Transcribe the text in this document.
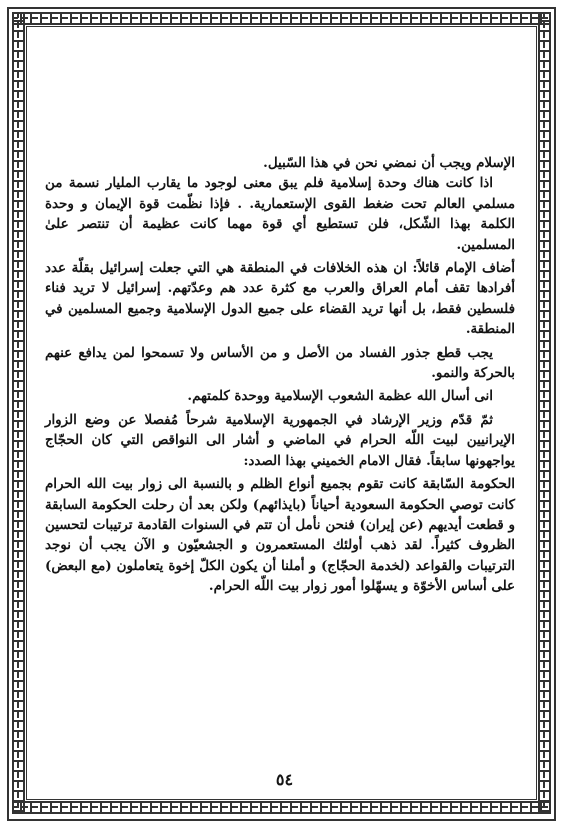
الإسلام ويجب أن نمضي نحن في هذا السّبيل.

اذا كانت هناك وحدة إسلامية فلم يبق معنى لوجود ما يقارب المليار نسمة من مسلمي العالم تحت ضغط القوى الإستعمارية. . فإذا نظّمت قوة الإيمان و وحدة الكلمة بهذا الشّكل، فلن تستطيع أي قوة مهما كانت عظيمة أن تنتصر علىٰ المسلمين.

أضاف الإمام قائلاً: ان هذه الخلافات في المنطقة هي التي جعلت إسرائيل بقلّة عدد أفرادها تقف أمام العراق والعرب مع كثرة عدد هم وعدّتهم. إسرائيل لا تريد فناء فلسطين فقط، بل أنها تريد القضاء على جميع الدول الإسلامية وجميع المسلمين في المنطقة.

يجب قطع جذور الفساد من الأصل و من الأساس ولا تسمحوا لمن يدافع عنهم بالحركة والنمو.

انى أسال الله عظمة الشعوب الإسلامية ووحدة كلمتهم.

ثمّ قدّم وزير الإرشاد في الجمهورية الإسلامية شرحاً مُفصلا عن وضع الزوار الإيرانيين لبيت اللّه الحرام في الماضي و أشار الى النواقص التي كان الحجّاج يواجهونها سابقاً. فقال الامام الخميني بهذا الصدد:

الحكومة السّابقة كانت تقوم بجميع أنواع الظلم و بالنسبة الى زوار بيت الله الحرام كانت توصي الحكومة السعودية أحياناً (بايذائهم) ولكن بعد أن رحلت الحكومة السابقة و قطعت أيديهم (عن إيران) فنحن نأمل أن تتم في السنوات القادمة ترتيبات لتحسين الظروف كثيراً. لقد ذهب أولئك المستعمرون و الجشعيّون و الآن يجب أن نوجد الترتيبات والقواعد (لخدمة الحجّاج) و أملنا أن يكون الكلّ إخوة يتعاملون (مع البعض) على أساس الأخوّة و يسهّلوا أمور زوار بيت اللّه الحرام.

٥٤
